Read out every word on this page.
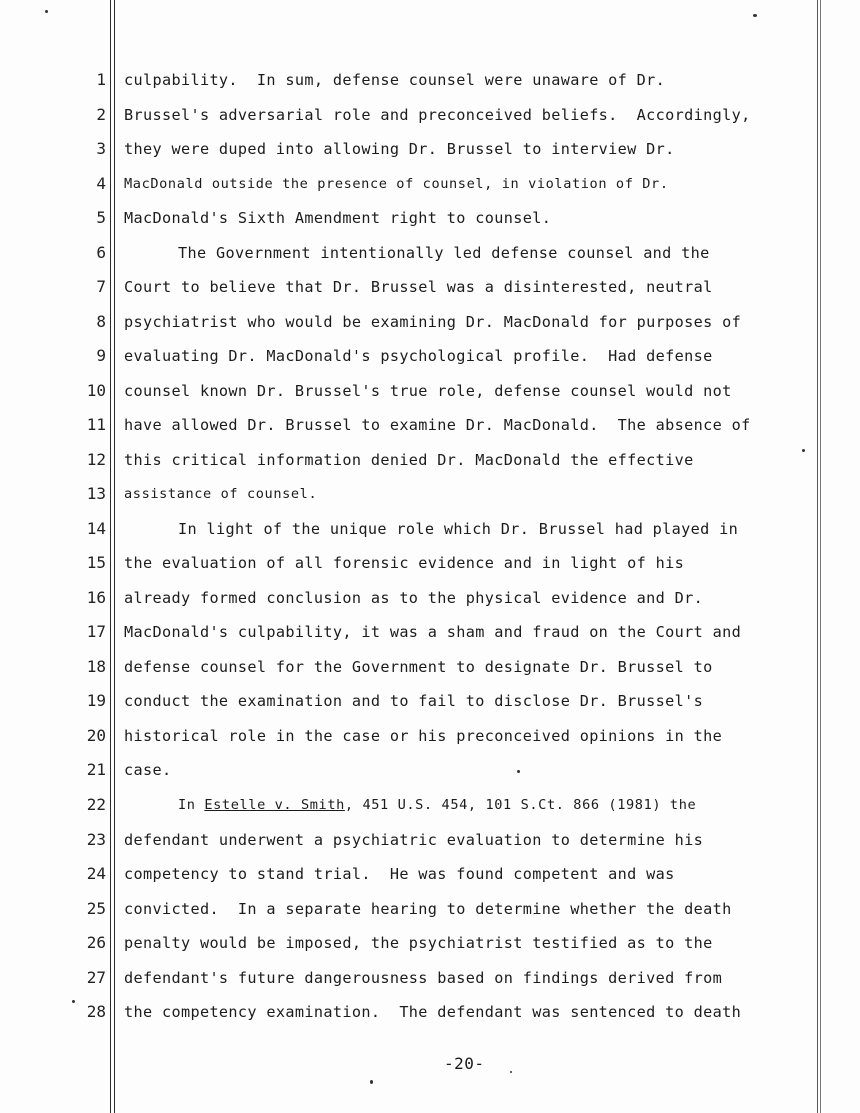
1
2
3
4
5
6
7
8
9
10
11
12
13
14
15
16
17
18
19
20
21
22
23
24
25
26
27
28
culpability.  In sum, defense counsel were unaware of Dr.
Brussel's adversarial role and preconceived beliefs.  Accordingly,
they were duped into allowing Dr. Brussel to interview Dr.
MacDonald outside the presence of counsel, in violation of Dr.
MacDonald's Sixth Amendment right to counsel.
The Government intentionally led defense counsel and the
Court to believe that Dr. Brussel was a disinterested, neutral
psychiatrist who would be examining Dr. MacDonald for purposes of
evaluating Dr. MacDonald's psychological profile.  Had defense
counsel known Dr. Brussel's true role, defense counsel would not
have allowed Dr. Brussel to examine Dr. MacDonald.  The absence of
this critical information denied Dr. MacDonald the effective
assistance of counsel.
In light of the unique role which Dr. Brussel had played in
the evaluation of all forensic evidence and in light of his
already formed conclusion as to the physical evidence and Dr.
MacDonald's culpability, it was a sham and fraud on the Court and
defense counsel for the Government to designate Dr. Brussel to
conduct the examination and to fail to disclose Dr. Brussel's
historical role in the case or his preconceived opinions in the
case.
In Estelle v. Smith, 451 U.S. 454, 101 S.Ct. 866 (1981) the
defendant underwent a psychiatric evaluation to determine his
competency to stand trial.  He was found competent and was
convicted.  In a separate hearing to determine whether the death
penalty would be imposed, the psychiatrist testified as to the
defendant's future dangerousness based on findings derived from
the competency examination.  The defendant was sentenced to death
-20-
